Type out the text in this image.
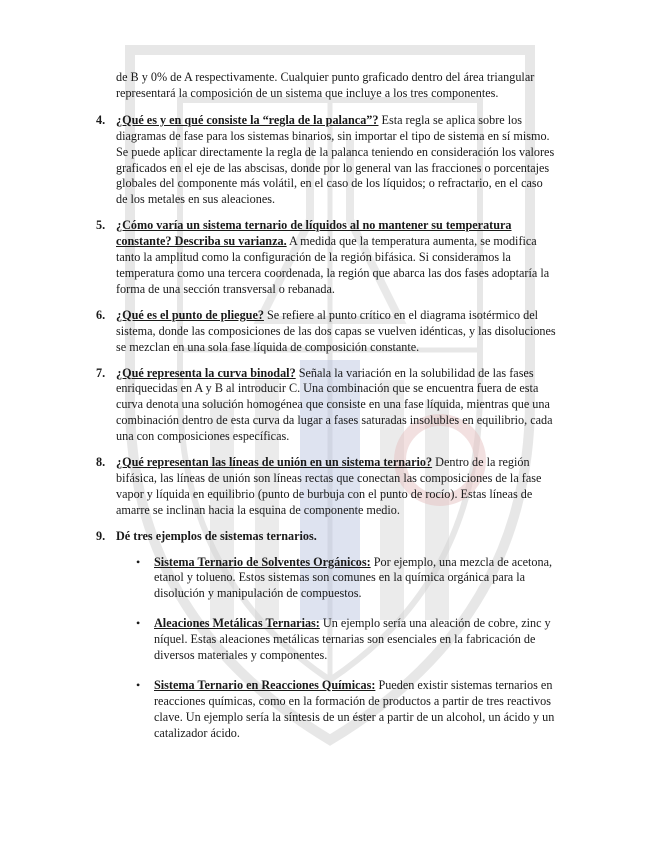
de B y 0% de A respectivamente. Cualquier punto graficado dentro del área triangular representará la composición de un sistema que incluye a los tres componentes.

4. ¿Qué es y en qué consiste la “regla de la palanca”? Esta regla se aplica sobre los diagramas de fase para los sistemas binarios, sin importar el tipo de sistema en sí mismo. Se puede aplicar directamente la regla de la palanca teniendo en consideración los valores graficados en el eje de las abscisas, donde por lo general van las fracciones o porcentajes globales del componente más volátil, en el caso de los líquidos; o refractario, en el caso de los metales en sus aleaciones.
5. ¿Cómo varía un sistema ternario de líquidos al no mantener su temperatura constante? Describa su varianza. A medida que la temperatura aumenta, se modifica tanto la amplitud como la configuración de la región bifásica. Si consideramos la temperatura como una tercera coordenada, la región que abarca las dos fases adoptaría la forma de una sección transversal o rebanada.
6. ¿Qué es el punto de pliegue? Se refiere al punto crítico en el diagrama isotérmico del sistema, donde las composiciones de las dos capas se vuelven idénticas, y las disoluciones se mezclan en una sola fase líquida de composición constante.
7. ¿Qué representa la curva binodal? Señala la variación en la solubilidad de las fases enriquecidas en A y B al introducir C. Una combinación que se encuentra fuera de esta curva denota una solución homogénea que consiste en una fase líquida, mientras que una combinación dentro de esta curva da lugar a fases saturadas insolubles en equilibrio, cada una con composiciones específicas.
8. ¿Qué representan las líneas de unión en un sistema ternario? Dentro de la región bifásica, las líneas de unión son líneas rectas que conectan las composiciones de la fase vapor y líquida en equilibrio (punto de burbuja con el punto de rocío). Estas líneas de amarre se inclinan hacia la esquina de componente medio.
9. Dé tres ejemplos de sistemas ternarios.
•	Sistema Ternario de Solventes Orgánicos: Por ejemplo, una mezcla de acetona, etanol y tolueno. Estos sistemas son comunes en la química orgánica para la disolución y manipulación de compuestos.
•	Aleaciones Metálicas Ternarias: Un ejemplo sería una aleación de cobre, zinc y níquel. Estas aleaciones metálicas ternarias son esenciales en la fabricación de diversos materiales y componentes.
•	Sistema Ternario en Reacciones Químicas: Pueden existir sistemas ternarios en reacciones químicas, como en la formación de productos a partir de tres reactivos clave. Un ejemplo sería la síntesis de un éster a partir de un alcohol, un ácido y un catalizador ácido.
